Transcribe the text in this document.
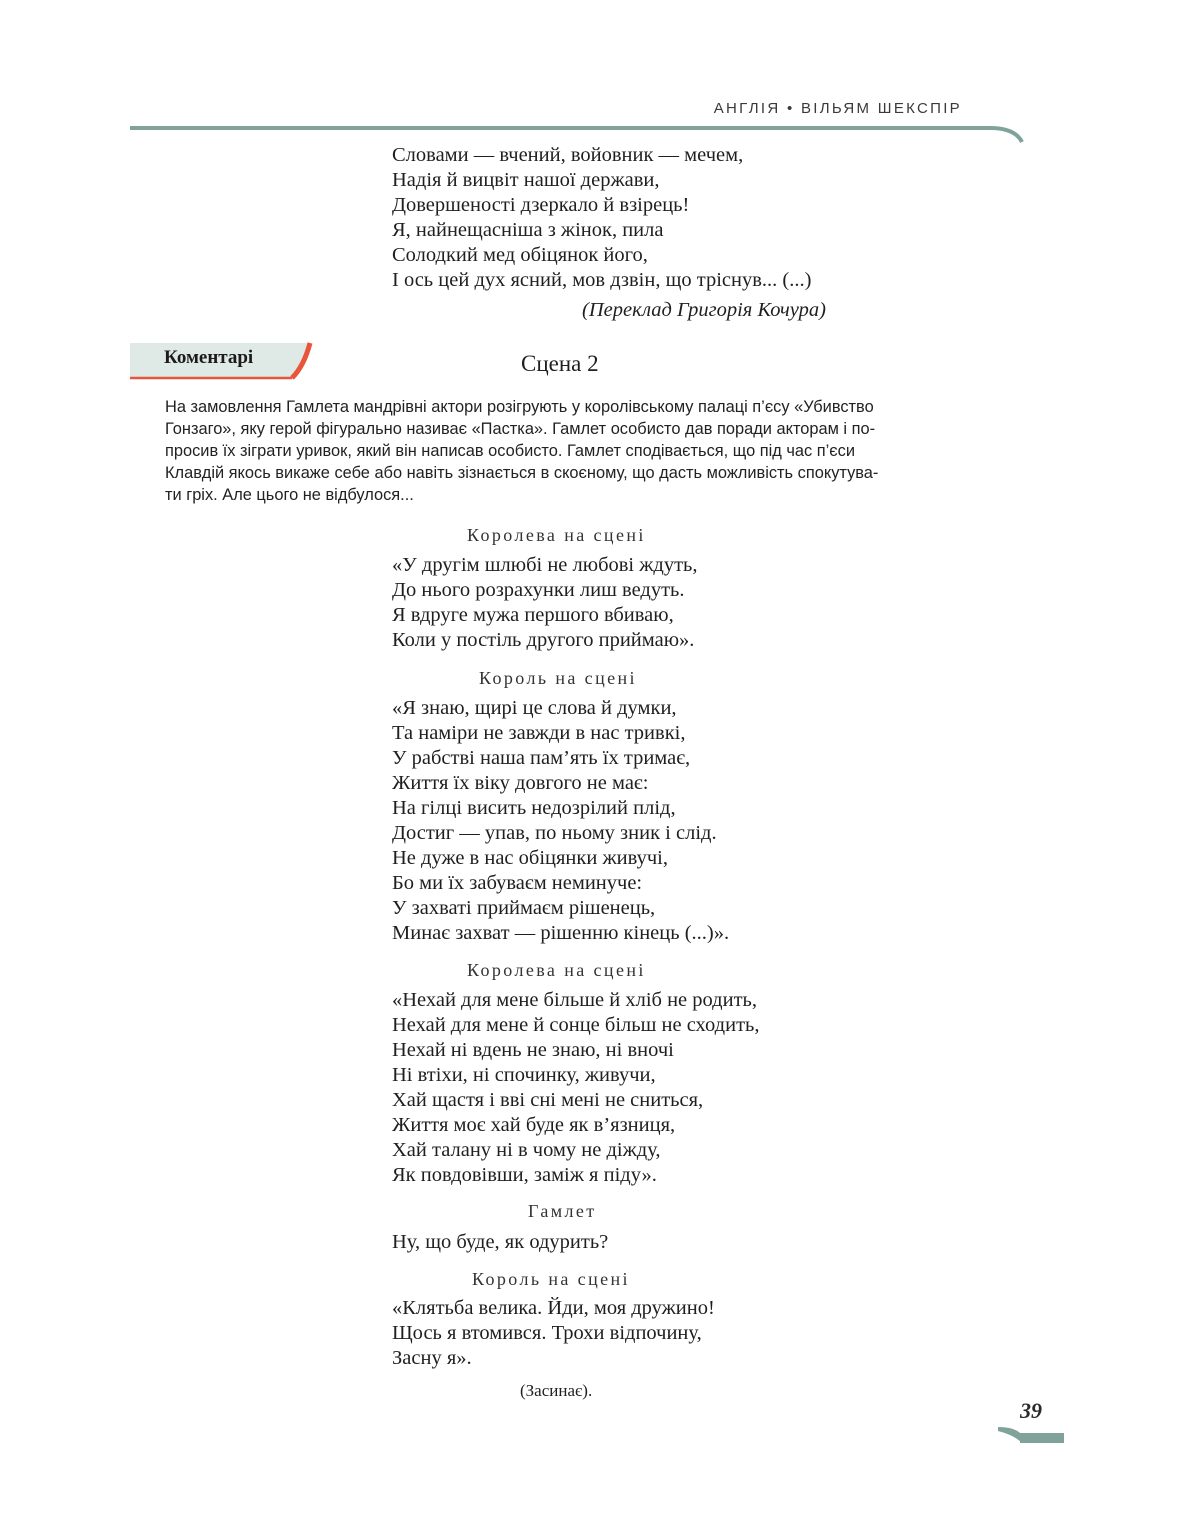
АНГЛІЯ • ВІЛЬЯМ ШЕКСПІР
Словами — вчений, войовник — мечем,
Надія й вицвіт нашої держави,
Довершеності дзеркало й взірець!
Я, найнещасніша з жінок, пила
Солодкий мед обіцянок його,
І ось цей дух ясний, мов дзвін, що тріснув... (...)
(Переклад Григорія Кочура)
Коментарі	Сцена 2
На замовлення Гамлета мандрівні актори розігрують у королівському палаці п’єсу «Убивство
Гонзаго», яку герой фігурально називає «Пастка». Гамлет особисто дав поради акторам і по-
просив їх зіграти уривок, який він написав особисто. Гамлет сподівається, що під час п’єси
Клавдій якось викаже себе або навіть зізнається в скоєному, що дасть можливість спокутува-
ти гріх. Але цього не відбулося...
Королева на сцені
«У другім шлюбі не любові ждуть,
До нього розрахунки лиш ведуть.
Я вдруге мужа першого вбиваю,
Коли у постіль другого приймаю».
Король на сцені
«Я знаю, щирі це слова й думки,
Та наміри не завжди в нас тривкі,
У рабстві наша пам’ять їх тримає,
Життя їх віку довгого не має:
На гілці висить недозрілий плід,
Достиг — упав, по ньому зник і слід.
Не дуже в нас обіцянки живучі,
Бо ми їх забуваєм неминуче:
У захваті приймаєм рішенець,
Минає захват — рішенню кінець (...)».
Королева на сцені
«Нехай для мене більше й хліб не родить,
Нехай для мене й сонце більш не сходить,
Нехай ні вдень не знаю, ні вночі
Ні втіхи, ні спочинку, живучи,
Хай щастя і вві сні мені не сниться,
Життя моє хай буде як в’язниця,
Хай талану ні в чому не діжду,
Як повдовівши, заміж я піду».
Гамлет
Ну, що буде, як одурить?
Король на сцені
«Клятьба велика. Йди, моя дружино!
Щось я втомився. Трохи відпочину,
Засну я».
(Засинає).
39
